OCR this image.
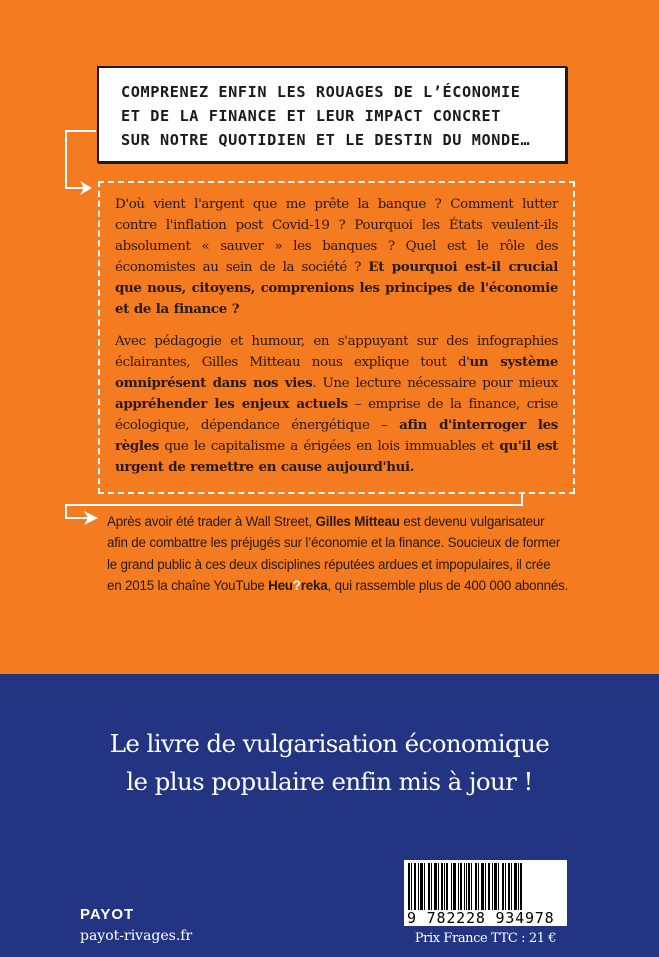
COMPRENEZ ENFIN LES ROUAGES DE L’ÉCONOMIE
ET DE LA FINANCE ET LEUR IMPACT CONCRET
SUR NOTRE QUOTIDIEN ET LE DESTIN DU MONDE…

D'où vient l'argent que me prête la banque ? Comment lutter contre l'inflation post Covid-19 ? Pourquoi les États veulent-ils absolument « sauver » les banques ? Quel est le rôle des économistes au sein de la société ? Et pourquoi est-il crucial que nous, citoyens, comprenions les principes de l'économie et de la finance ?

Avec pédagogie et humour, en s'appuyant sur des infographies éclairantes, Gilles Mitteau nous explique tout d'un système omniprésent dans nos vies. Une lecture nécessaire pour mieux appréhender les enjeux actuels – emprise de la finance, crise écologique, dépendance énergétique – afin d'interroger les règles que le capitalisme a érigées en lois immuables et qu'il est urgent de remettre en cause aujourd'hui.

Après avoir été trader à Wall Street, Gilles Mitteau est devenu vulgarisateur
afin de combattre les préjugés sur l’économie et la finance. Soucieux de former
le grand public à ces deux disciplines réputées ardues et impopulaires, il crée
en 2015 la chaîne YouTube Heu?reka, qui rassemble plus de 400 000 abonnés.
Le livre de vulgarisation économique
le plus populaire enfin mis à jour !
PAYOT
payot-rivages.fr
9 782228 934978
Prix France TTC : 21 €
